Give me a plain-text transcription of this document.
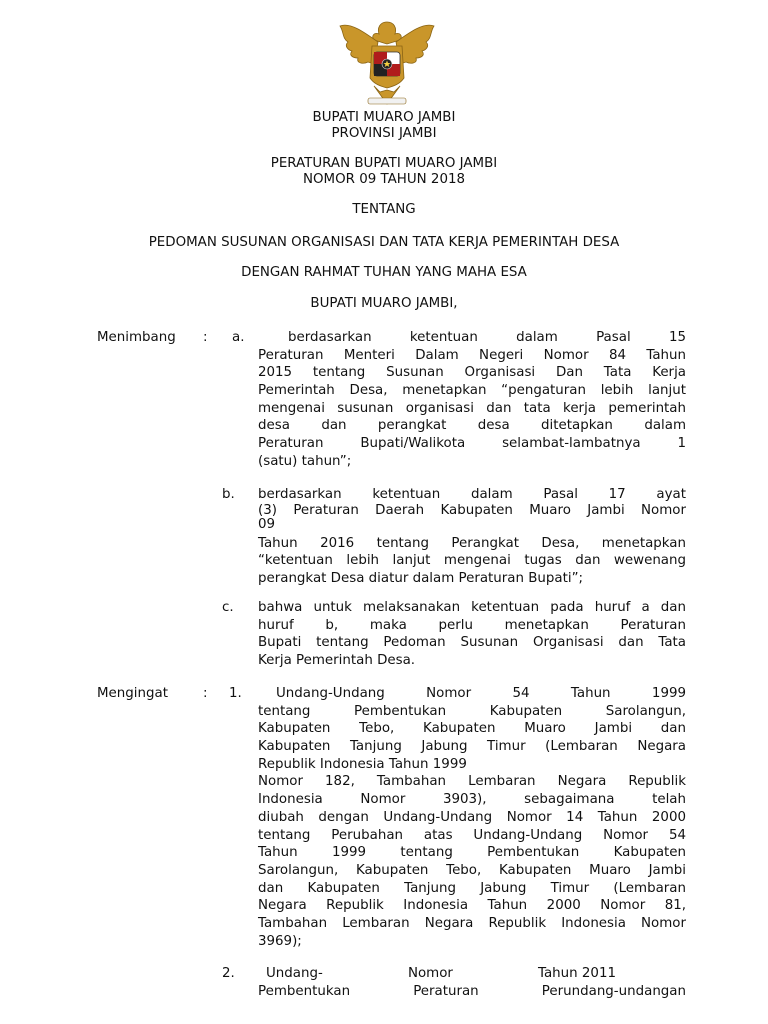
BUPATI MUARO JAMBI
PROVINSI JAMBI
PERATURAN BUPATI MUARO JAMBI
NOMOR 09 TAHUN 2018
TENTANG
PEDOMAN SUSUNAN ORGANISASI DAN TATA KERJA PEMERINTAH DESA
DENGAN RAHMAT TUHAN YANG MAHA ESA
BUPATI MUARO JAMBI,
Menimbang : a.	berdasarkan ketentuan dalam Pasal 15
Peraturan Menteri Dalam Negeri Nomor 84 Tahun
2015 tentang Susunan Organisasi Dan Tata Kerja
Pemerintah Desa, menetapkan “pengaturan lebih lanjut
mengenai susunan organisasi dan tata kerja pemerintah
desa dan perangkat desa ditetapkan dalam
Peraturan Bupati/Walikota selambat-lambatnya 1
(satu) tahun”;
b. berdasarkan ketentuan dalam Pasal 17 ayat
(3) Peraturan Daerah Kabupaten Muaro Jambi Nomor
09
Tahun 2016 tentang Perangkat Desa, menetapkan
“ketentuan lebih lanjut mengenai tugas dan wewenang
perangkat Desa diatur dalam Peraturan Bupati”;
c. bahwa untuk melaksanakan ketentuan pada huruf a dan
huruf b, maka perlu menetapkan Peraturan
Bupati tentang Pedoman Susunan Organisasi dan Tata
Kerja Pemerintah Desa.
Mengingat	: 1.	Undang-Undang Nomor 54 Tahun 1999
tentang Pembentukan Kabupaten Sarolangun,
Kabupaten Tebo, Kabupaten Muaro Jambi dan
Kabupaten Tanjung Jabung Timur (Lembaran Negara
Republik Indonesia Tahun 1999
Nomor 182, Tambahan Lembaran Negara Republik
Indonesia Nomor 3903), sebagaimana telah
diubah dengan Undang-Undang Nomor 14 Tahun 2000
tentang Perubahan atas Undang-Undang Nomor 54
Tahun 1999 tentang Pembentukan Kabupaten
Sarolangun, Kabupaten Tebo, Kabupaten Muaro Jambi
dan Kabupaten Tanjung Jabung Timur (Lembaran
Negara Republik Indonesia Tahun 2000 Nomor 81,
Tambahan Lembaran Negara Republik Indonesia Nomor
3969);
2. Undang-	Nomor	Tahun 2011
Pembentukan	Peraturan	Perundang-undangan
